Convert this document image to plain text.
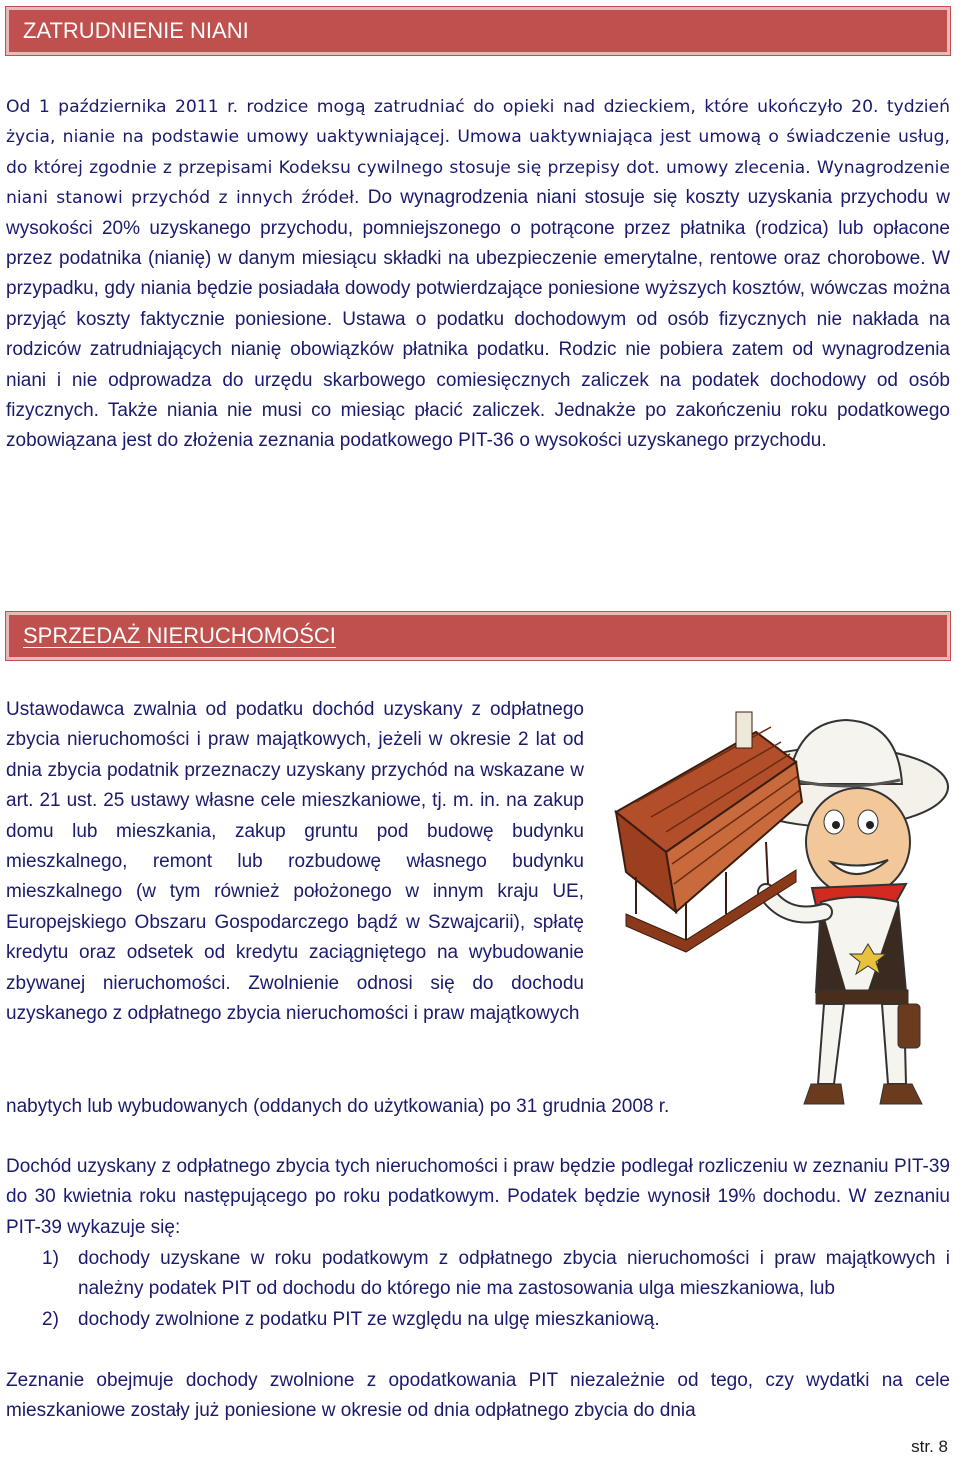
ZATRUDNIENIE NIANI

Od 1 października 2011 r. rodzice mogą zatrudniać do opieki nad dzieckiem, które ukończyło 20. tydzień życia, nianie na podstawie umowy uaktywniającej. Umowa uaktywniająca jest umową o świadczenie usług, do której zgodnie z przepisami Kodeksu cywilnego stosuje się przepisy dot. umowy zlecenia. Wynagrodzenie niani stanowi przychód z innych źródeł. Do wynagrodzenia niani stosuje się koszty uzyskania przychodu w wysokości 20% uzyskanego przychodu, pomniejszonego o potrącone przez płatnika (rodzica) lub opłacone przez podatnika (nianię) w danym miesiącu składki na ubezpieczenie emerytalne, rentowe oraz chorobowe. W przypadku, gdy niania będzie posiadała dowody potwierdzające poniesione wyższych kosztów, wówczas można przyjąć koszty faktycznie poniesione. Ustawa o podatku dochodowym od osób fizycznych nie nakłada na rodziców zatrudniających nianię obowiązków płatnika podatku. Rodzic nie pobiera zatem od wynagrodzenia niani i nie odprowadza do urzędu skarbowego comiesięcznych zaliczek na podatek dochodowy od osób fizycznych. Także niania nie musi co miesiąc płacić zaliczek. Jednakże po zakończeniu roku podatkowego zobowiązana jest do złożenia zeznania podatkowego PIT-36 o wysokości uzyskanego przychodu.

SPRZEDAŻ NIERUCHOMOŚCI

Ustawodawca zwalnia od podatku dochód uzyskany z odpłatnego zbycia nieruchomości i praw majątkowych, jeżeli w okresie 2 lat od dnia zbycia podatnik przeznaczy uzyskany przychód na wskazane w art. 21 ust. 25 ustawy własne cele mieszkaniowe, tj. m. in. na zakup domu lub mieszkania, zakup gruntu pod budowę budynku mieszkalnego, remont lub rozbudowę własnego budynku mieszkalnego (w tym również położonego w innym kraju UE, Europejskiego Obszaru Gospodarczego bądź w Szwajcarii), spłatę kredytu oraz odsetek od kredytu zaciągniętego na wybudowanie zbywanej nieruchomości. Zwolnienie odnosi się do dochodu uzyskanego z odpłatnego zbycia nieruchomości i praw majątkowych

nabytych lub wybudowanych (oddanych do użytkowania) po 31 grudnia 2008 r.

Dochód uzyskany z odpłatnego zbycia tych nieruchomości i praw będzie podlegał rozliczeniu w zeznaniu PIT-39 do 30 kwietnia roku następującego po roku podatkowym. Podatek będzie wynosił 19% dochodu. W zeznaniu PIT-39 wykazuje się:

1) dochody uzyskane w roku podatkowym z odpłatnego zbycia nieruchomości i praw majątkowych i należny podatek PIT od dochodu do którego nie ma zastosowania ulga mieszkaniowa, lub
2) dochody zwolnione z podatku PIT ze względu na ulgę mieszkaniową.

Zeznanie obejmuje dochody zwolnione z opodatkowania PIT niezależnie od tego, czy wydatki na cele mieszkaniowe zostały już poniesione w okresie od dnia odpłatnego zbycia do dnia

str. 8
